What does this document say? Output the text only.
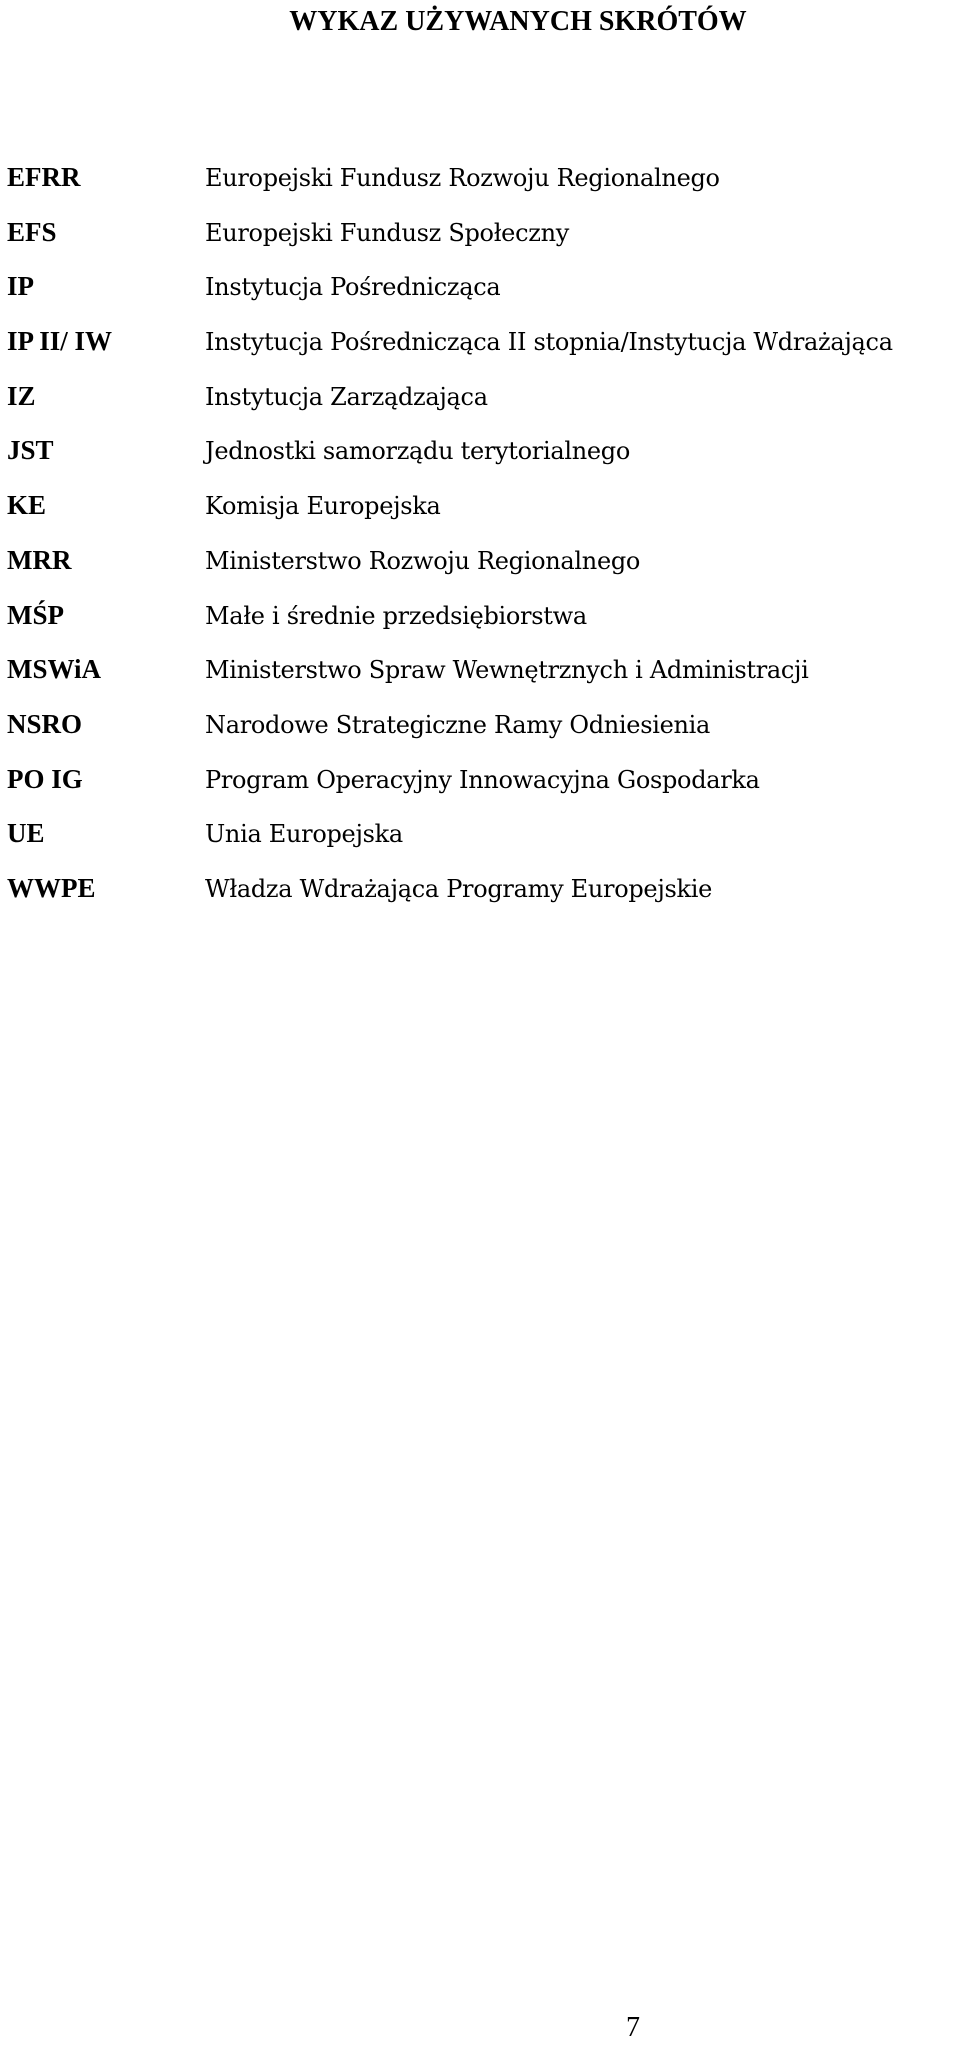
WYKAZ UŻYWANYCH SKRÓTÓW
EFRR	Europejski Fundusz Rozwoju Regionalnego
EFS	Europejski Fundusz Społeczny
IP	Instytucja Pośrednicząca
IP II/ IW	Instytucja Pośrednicząca II stopnia/Instytucja Wdrażająca
IZ	Instytucja Zarządzająca
JST	Jednostki samorządu terytorialnego
KE	Komisja Europejska
MRR	Ministerstwo Rozwoju Regionalnego
MŚP	Małe i średnie przedsiębiorstwa
MSWiA	Ministerstwo Spraw Wewnętrznych i Administracji
NSRO	Narodowe Strategiczne Ramy Odniesienia
PO IG	Program Operacyjny Innowacyjna Gospodarka
UE	Unia Europejska
WWPE	Władza Wdrażająca Programy Europejskie
7
